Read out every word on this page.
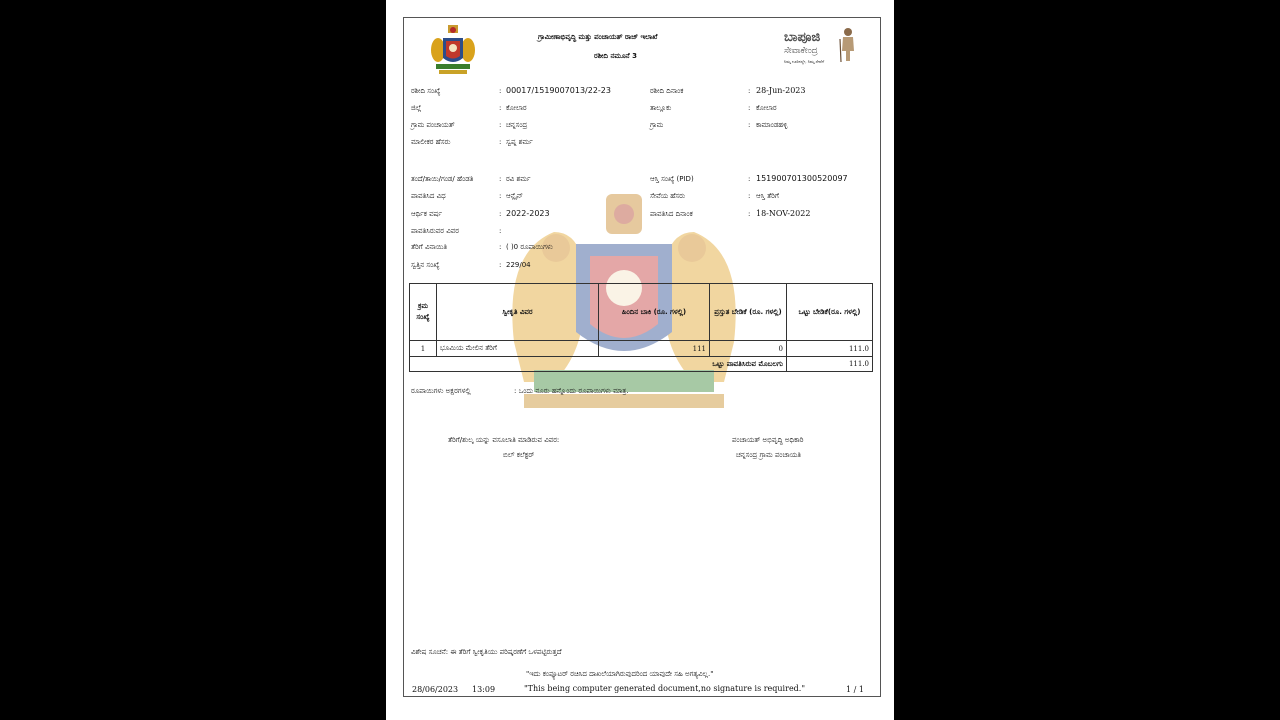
ಗ್ರಾಮೀಣಾಭಿವೃದ್ಧಿ ಮತ್ತು ಪಂಚಾಯತ್ ರಾಜ್ ಇಲಾಖೆ
ರಶೀದಿ ನಮೂನೆ 3
ಬಾಪೂಜಿ
ಸೇವಾಕೇಂದ್ರ
ನಿಮ್ಮ ಊರಿನಲ್ಲೇ, ನಿಮ್ಮ ಸೇವೆಗೆ
ರಶೀದಿ ಸಂಖ್ಯೆ	: 00017/1519007013/22-23
ಜಿಲ್ಲೆ	: ಕೋಲಾರ
ಗ್ರಾಮ ಪಂಚಾಯತ್	: ಚನ್ನಸಂದ್ರ
ಮಾಲೀಕರ ಹೆಸರು	: ಸ್ವಪ್ನ ಶರ್ಮ
ತಂದೆ/ತಾಯಿ/ಗಂಡ/ ಹೆಂಡತಿ	: ರವಿ ಶರ್ಮ
ಪಾವತಿಸಿದ ವಿಧ	: ಆನ್ಲೈನ್
ಆರ್ಥಿಕ ವರ್ಷ	: 2022-2023
ಪಾವತಿಸಿರುವರ ವಿವರ	:
ತೆರಿಗೆ ವಿನಾಯಿತಿ	: ( )0 ರೂಪಾಯಿಗಳು
ಸ್ವತ್ತಿನ ಸಂಖ್ಯೆ	: 229/04
ರಶೀದಿ ದಿನಾಂಕ	: 28-Jun-2023
ತಾಲ್ಲೂಕು	: ಕೋಲಾರ
ಗ್ರಾಮ	: ಕಾಮಾಂಡಹಳ್ಳಿ
ಆಸ್ತಿ ಸಂಖ್ಯೆ (PID)	: 151900701300520097
ಸೇವೆಯ ಹೆಸರು	: ಆಸ್ತಿ ತೆರಿಗೆ
ಪಾವತಿಸಿದ ದಿನಾಂಕ	: 18-NOV-2022
ಕ್ರಮ ಸಂಖ್ಯೆ	ಸ್ವೀಕೃತಿ ವಿವರ	ಹಿಂದಿನ ಬಾಕಿ (ರೂ. ಗಳಲ್ಲಿ)	ಪ್ರಸ್ತುತ ಬೇಡಿಕೆ (ರೂ. ಗಳಲ್ಲಿ)	ಒಟ್ಟು ಬೇಡಿಕೆ(ರೂ. ಗಳಲ್ಲಿ)
1	ಭೂಮಿಯ ಮೇಲಿನ ತೆರಿಗೆ	111	0	111.0
ಒಟ್ಟು ಪಾವತಿಸಿರುವ ಮೊಬಲಗು				111.0
ರೂಪಾಯಿಗಳು ಅಕ್ಷರಗಳಲ್ಲಿ	: ಒಂದು ನೂರು ಹನ್ನೊಂದು ರೂಪಾಯಿಗಳು ಮಾತ್ರ.
ತೆರಿಗೆ/ಶುಲ್ಕ ಯನ್ನು ವಸೂಲಾತಿ ಮಾಡಿರುವ ವಿವರ:
ಬಿಲ್ ಕಲೆಕ್ಟರ್
ಪಂಚಾಯತ್ ಅಭಿವೃದ್ಧಿ ಅಧಿಕಾರಿ
ಚನ್ನಸಂದ್ರ ಗ್ರಾಮ ಪಂಚಾಯತಿ
ವಿಶೇಷ ಸೂಚನೆ: ಈ ತೆರಿಗೆ ಸ್ವೀಕೃತಿಯು ಪರಿಷ್ಕರಣೆಗೆ ಒಳಪಟ್ಟಿರುತ್ತದೆ
"ಇದು ಕಂಪ್ಯೂಟರ್ ರಚಿಸಿದ ದಾಖಲೆಯಾಗಿರುವುದರಿಂದ ಯಾವುದೇ ಸಹಿ ಅಗತ್ಯವಿಲ್ಲ."
"This being computer generated document,no signature is required."
28/06/2023 13:09	1 / 1
